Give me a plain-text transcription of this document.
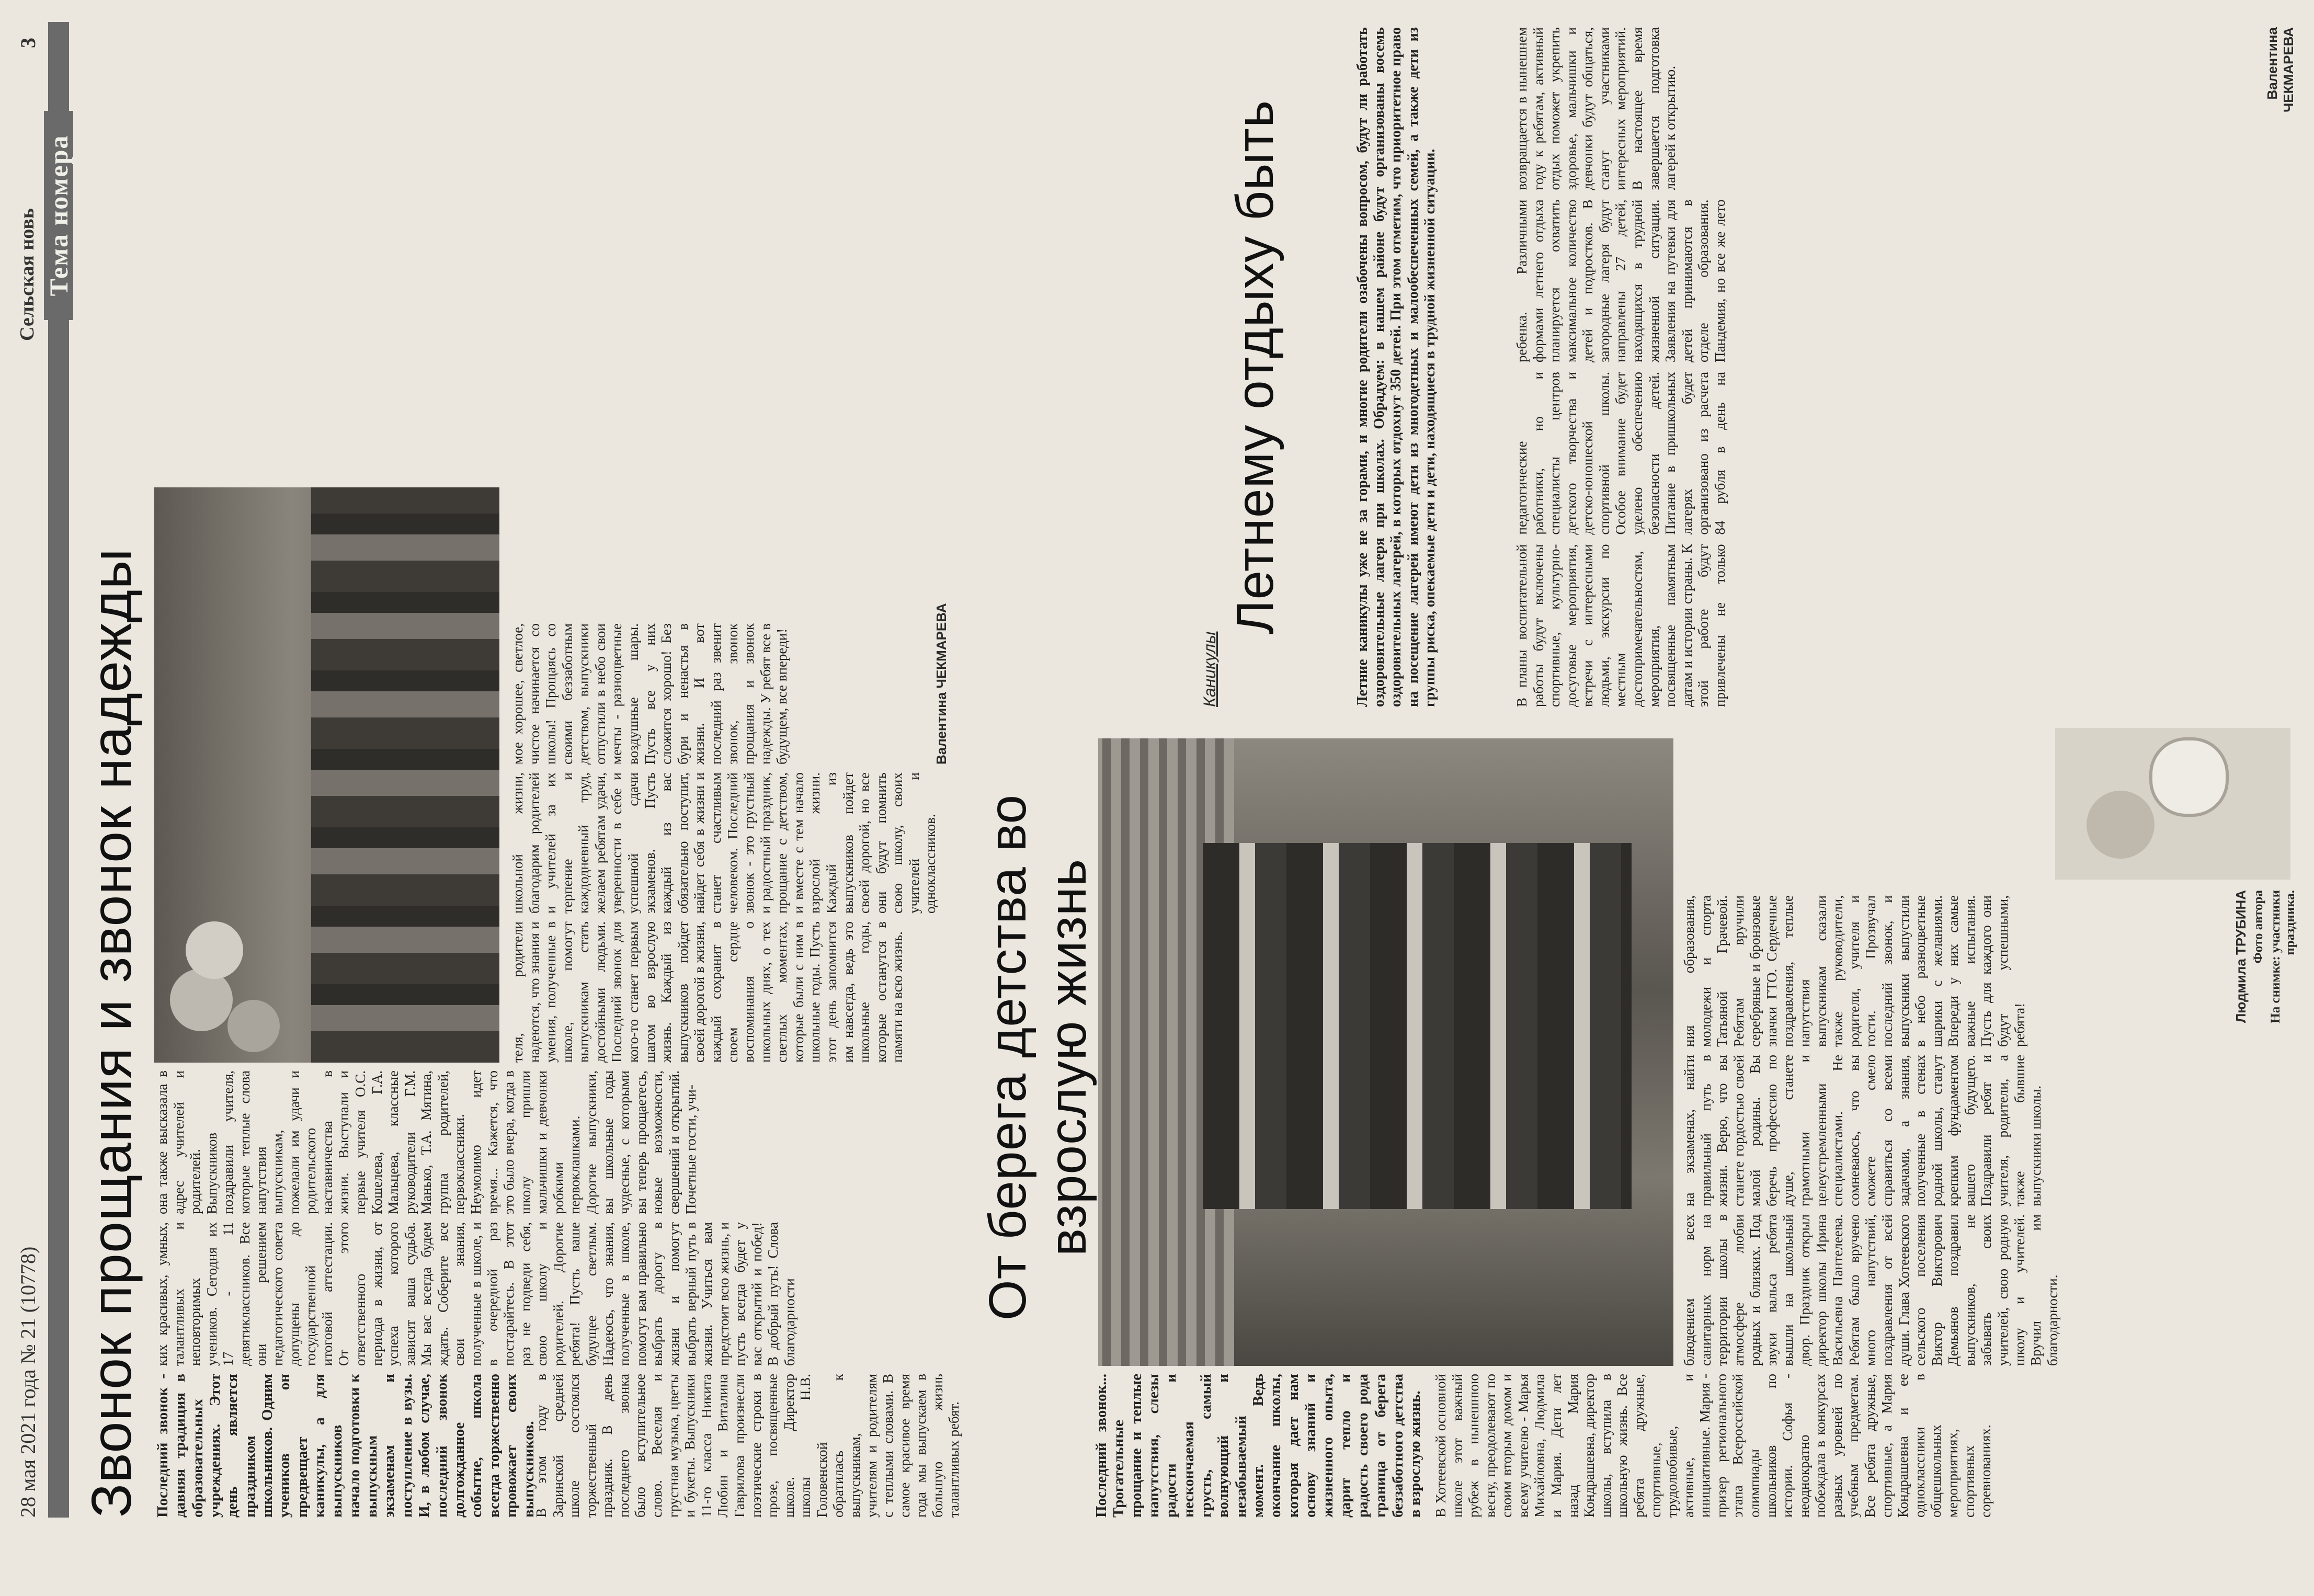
28 мая 2021 года № 21 (10778)
Сельская новь
3
Тема номера
Звонок прощания и звонок надежды Последний звонок - давняя традиция в образовательных учреждениях. Этот день является праздником школьников. Одним учеников он предвещает каникулы, а для выпускников начало подготовки к выпускным экзаменам и поступление в вузы. И, в любом случае, последний звонок долгожданное событие, школа всегда торжественно провожает своих выпускников.
В этом году в Заринской средней школе состоялся торжественный праздник. В день последнего звонка было вступительное слово. Веселая и грустная музыка, цветы и букеты. Выпускники 11-го класса Никита Любин и Виталина Гаврилова произнесли поэтические строки в прозе, посвященные школе. Директор школы Н.В. Головенской обратилась к выпускникам, учителям и родителям с теплыми словами. В самое красивое время года мы выпускаем в большую жизнь талантливых ребят.
ких красивых, умных, талантливых и неповторимых учеников. Сегодня их 17 - 11 девятиклассников. Все они решением педагогического совета допущены до государственной итоговой аттестации. От этого ответственного периода в жизни, от успеха которого зависит ваша судьба. Мы вас всегда будем ждать. Соберите все свои знания, полученные в школе, и в очередной раз постарайтесь. В этот раз не подведи себя, свою школу и родителей. Дорогие ребята! Пусть ваше будущее светлым. Надеюсь, что знания, полученные в школе, помогут вам правильно выбрать дорогу в жизни и помогут выбрать верный путь в жизни. Учиться вам предстоит всю жизнь, и пусть всегда будет у вас открытий и побед! В добрый путь! Слова благодарности
она также высказала в адрес учителей и родителей. Выпускников поздравили учителя, которые теплые слова напутствия выпускникам, пожелали им удачи и родительского наставничества в жизни. Выступали и первые учителя О.С. Кошелева, Г.А. Мальцева, классные руководители Г.М. Манько, Т.А. Мятина, группа родителей, первоклассники. Неумолимо идет время... Кажется, что это было вчера, когда в школу пришли мальчишки и девчонки робкими первоклашками. Дорогие выпускники, вы школьные годы чудесные, с которыми вы теперь прощаетесь, новые возможности, свершений и открытий. Почетные гости, учи-
теля, родители надеются, что знания и умения, полученные в школе, помогут выпускникам стать достойными людьми. Последний звонок для кого-то станет первым шагом во взрослую жизнь. Каждый из выпускников пойдет своей дорогой в жизни, каждый сохранит в своем сердце воспоминания о школьных днях, о тех светлых моментах, которые были с ним в школьные годы. Пусть этот день запомнится им навсегда, ведь это школьные годы, которые останутся в памяти на всю жизнь.
школьной жизни, благодарим родителей и учителей за их терпение и каждодневный труд, желаем ребятам удачи, уверенности в себе и успешной сдачи экзаменов. Пусть каждый из вас обязательно поступит, найдет себя в жизни и станет счастливым человеком. Последний звонок - это грустный и радостный праздник, прощание с детством, и вместе с тем начало взрослой жизни. Каждый из выпускников пойдет своей дорогой, но все они будут помнить свою школу, своих учителей и одноклассников.
мое хорошее, светлое, чистое начинается со школы! Прощаясь со своими беззаботным детством, выпускники отпустили в небо свои мечты - разноцветные воздушные шары. Пусть все у них сложится хорошо! Без бури и ненастья в жизни. И вот последний раз звенит звонок, звонок прощания и звонок надежды. У ребят все в будущем, все впереди!	Валентина ЧЕКМАРЕВА
От берега детства во взрослую жизнь
Последний звонок... Трогательные прощание и теплые напутствия, слезы радости и нескончаемая грусть, самый волнующий и незабываемый момент. Ведь окончание школы, которая дает нам основу знаний и жизненного опыта, дарит тепло и радость своего рода граница от берега беззаботного детства в взрослую жизнь. В Хотеевской основной школе этот важный рубеж в нынешнюю весну, преодолевают по своим вторым домом и всему учителю - Марья Михайловна, Людмила и Мария. Дети лет назад Мария Кондрашевна, директор школы, вступила в школьную жизнь. Все ребята дружные, спортивные, трудолюбивые, активные, и инициативные. Мария - призер регионального этапа Всероссийской олимпиады школьников по истории. Софья - неоднократно побеждала в конкурсах разных уровней по учебным предметам. Все ребята дружные, спортивные, а Мария Кондрашевна и ее одноклассники в общешкольных мероприятиях, спортивных соревнованиях.
блюдением всех санитарных норм на территории школы в атмосфере любви родных и близких. Под звуки вальса ребята вышли на школьный двор. Праздник открыл директор школы Ирина Васильевна Пантелеева. Ребятам было вручено много напутствий, поздравления от всей души. Глава Хотеевского сельского поселения Виктор Викторович Демьянов поздравил выпускников, не забывать своих учителей, свою родную школу и учителей. Вручил им благодарности.
на экзаменах, найти правильный путь в жизни. Верю, что вы станете гордостью своей малой родины. Вы беречь профессию по душе, станете грамотными и целеустремленными специалистами. Не сомневаюсь, что вы сможете смело справиться со всеми задачами, а знания, полученные в стенах родной школы, станут крепким фундаментом вашего будущего. Поздравили ребят и учителя, родители, а также бывшие выпускники школы.
ния образования, молодежи и спорта Татьяной Грачевой. Ребятам вручили серебряные и бронзовые значки ГТО. Сердечные поздравления, теплые напутствия выпускникам сказали также руководители, родители, учителя и гости. Прозвучал последний звонок, и выпускники выпустили в небо разноцветные шарики с желаниями. Впереди у них самые важные испытания. Пусть для каждого они будут успешными, ребята!
Людмила ТРУБИНА Фото автора На снимке: участники праздника.
Каникулы
Летнему отдыху быть	Летние каникулы уже не за горами, и многие родители озабочены вопросом, будут ли работать оздоровительные лагеря при школах. Обрадуем: в нашем районе будут организованы восемь оздоровительных лагерей, в которых отдохнут 350 детей. При этом отметим, что приоритетное право на посещение лагерей имеют дети из многодетных и малообеспеченных семей, а также дети из группы риска, опекаемые дети и дети, находящиеся в трудной жизненной ситуации.	В планы воспитательной работы будут включены спортивные, культурно-досуговые мероприятия, встречи с интересными людьми, экскурсии по местным достопримечательностям, мероприятия, посвященные памятным датам и истории страны. К этой работе будут привлечены не только педагогические работники, но и специалисты центров детского творчества и детско-юношеской спортивной школы. Особое внимание будет уделено обеспечению безопасности детей. Питание в пришкольных лагерях будет организовано из расчета 84 рубля в день на ребенка. Различными формами летнего отдыха планируется охватить максимальное количество детей и подростков. В загородные лагеря будут направлены 27 детей, находящихся в трудной жизненной ситуации. Заявления на путевки для детей принимаются в отделе образования. Пандемия, но все же лето возвращается в нынешнем году к ребятам, активный отдых поможет укрепить здоровье, мальчишки и девчонки будут общаться, станут участниками интересных мероприятий. В настоящее время завершается подготовка лагерей к открытию.
Валентина ЧЕКМАРЕВА
